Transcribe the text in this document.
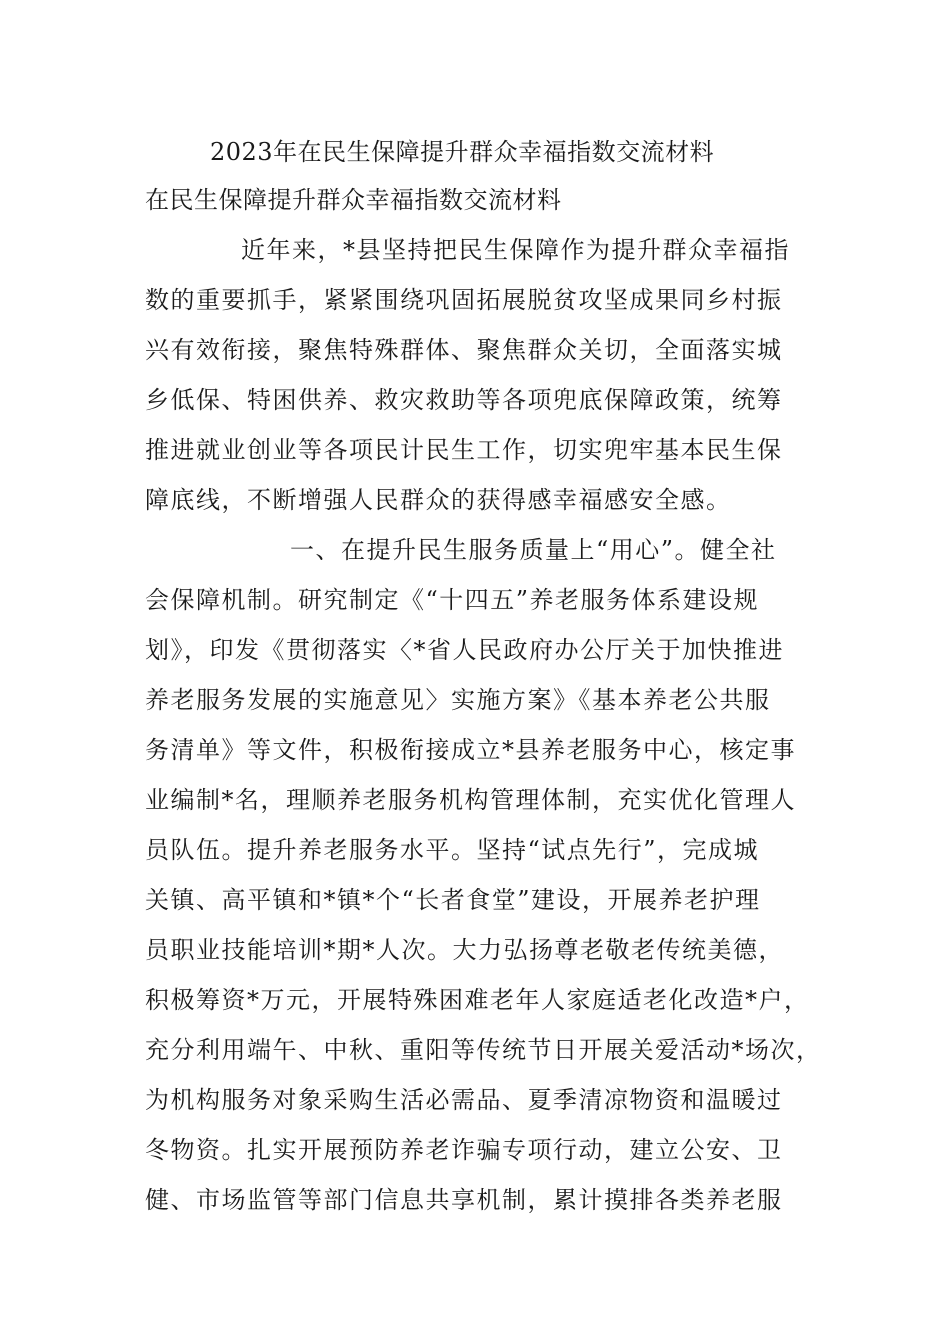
2023年在民生保障提升群众幸福指数交流材料
在民生保障提升群众幸福指数交流材料
近年来，*县坚持把民生保障作为提升群众幸福指
数的重要抓手，紧紧围绕巩固拓展脱贫攻坚成果同乡村振
兴有效衔接，聚焦特殊群体、聚焦群众关切，全面落实城
乡低保、特困供养、救灾救助等各项兜底保障政策，统筹
推进就业创业等各项民计民生工作，切实兜牢基本民生保
障底线，不断增强人民群众的获得感幸福感安全感。
一、在提升民生服务质量上“用心”。健全社
会保障机制。研究制定《“十四五”养老服务体系建设规
划》，印发《贯彻落实〈*省人民政府办公厅关于加快推进
养老服务发展的实施意见〉实施方案》《基本养老公共服
务清单》等文件，积极衔接成立*县养老服务中心，核定事
业编制*名，理顺养老服务机构管理体制，充实优化管理人
员队伍。提升养老服务水平。坚持“试点先行”，完成城
关镇、高平镇和*镇*个“长者食堂”建设，开展养老护理
员职业技能培训*期*人次。大力弘扬尊老敬老传统美德，
积极筹资*万元，开展特殊困难老年人家庭适老化改造*户，
充分利用端午、中秋、重阳等传统节日开展关爱活动*场次，
为机构服务对象采购生活必需品、夏季清凉物资和温暖过
冬物资。扎实开展预防养老诈骗专项行动，建立公安、卫
健、市场监管等部门信息共享机制，累计摸排各类养老服
